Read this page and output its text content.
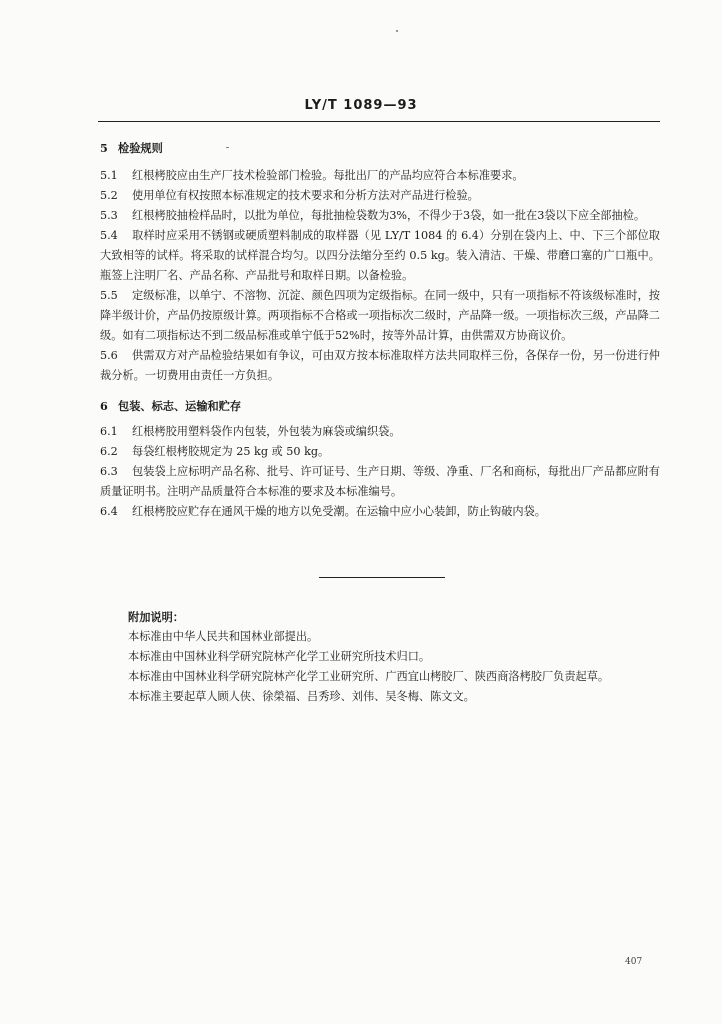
LY/T 1089—93
5 检验规则
5.1 红根栲胶应由生产厂技术检验部门检验。每批出厂的产品均应符合本标准要求。
5.2 使用单位有权按照本标准规定的技术要求和分析方法对产品进行检验。
5.3 红根栲胶抽检样品时，以批为单位，每批抽检袋数为3%，不得少于3袋，如一批在3袋以下应全部抽检。
5.4 取样时应采用不锈钢或硬质塑料制成的取样器（见 LY/T 1084 的 6.4）分别在袋内上、中、下三个部位取大致相等的试样。将采取的试样混合均匀。以四分法缩分至约 0.5 kg。装入清洁、干燥、带磨口塞的广口瓶中。瓶签上注明厂名、产品名称、产品批号和取样日期。以备检验。
5.5 定级标准，以单宁、不溶物、沉淀、颜色四项为定级指标。在同一级中，只有一项指标不符该级标准时，按降半级计价，产品仍按原级计算。两项指标不合格或一项指标次二级时，产品降一级。一项指标次三级，产品降二级。如有二项指标达不到二级品标准或单宁低于52%时，按等外品计算，由供需双方协商议价。
5.6 供需双方对产品检验结果如有争议，可由双方按本标准取样方法共同取样三份，各保存一份，另一份进行仲裁分析。一切费用由责任一方负担。
6 包装、标志、运输和贮存
6.1 红根栲胶用塑料袋作内包装，外包装为麻袋或编织袋。
6.2 每袋红根栲胶规定为 25 kg 或 50 kg。
6.3 包装袋上应标明产品名称、批号、许可证号、生产日期、等级、净重、厂名和商标，每批出厂产品都应附有质量证明书。注明产品质量符合本标准的要求及本标准编号。
6.4 红根栲胶应贮存在通风干燥的地方以免受潮。在运输中应小心装卸，防止钩破内袋。
附加说明：
本标准由中华人民共和国林业部提出。
本标准由中国林业科学研究院林产化学工业研究所技术归口。
本标准由中国林业科学研究院林产化学工业研究所、广西宜山栲胶厂、陕西商洛栲胶厂负责起草。
本标准主要起草人顾人侠、徐榮福、吕秀珍、刘伟、吴冬梅、陈文文。
407
